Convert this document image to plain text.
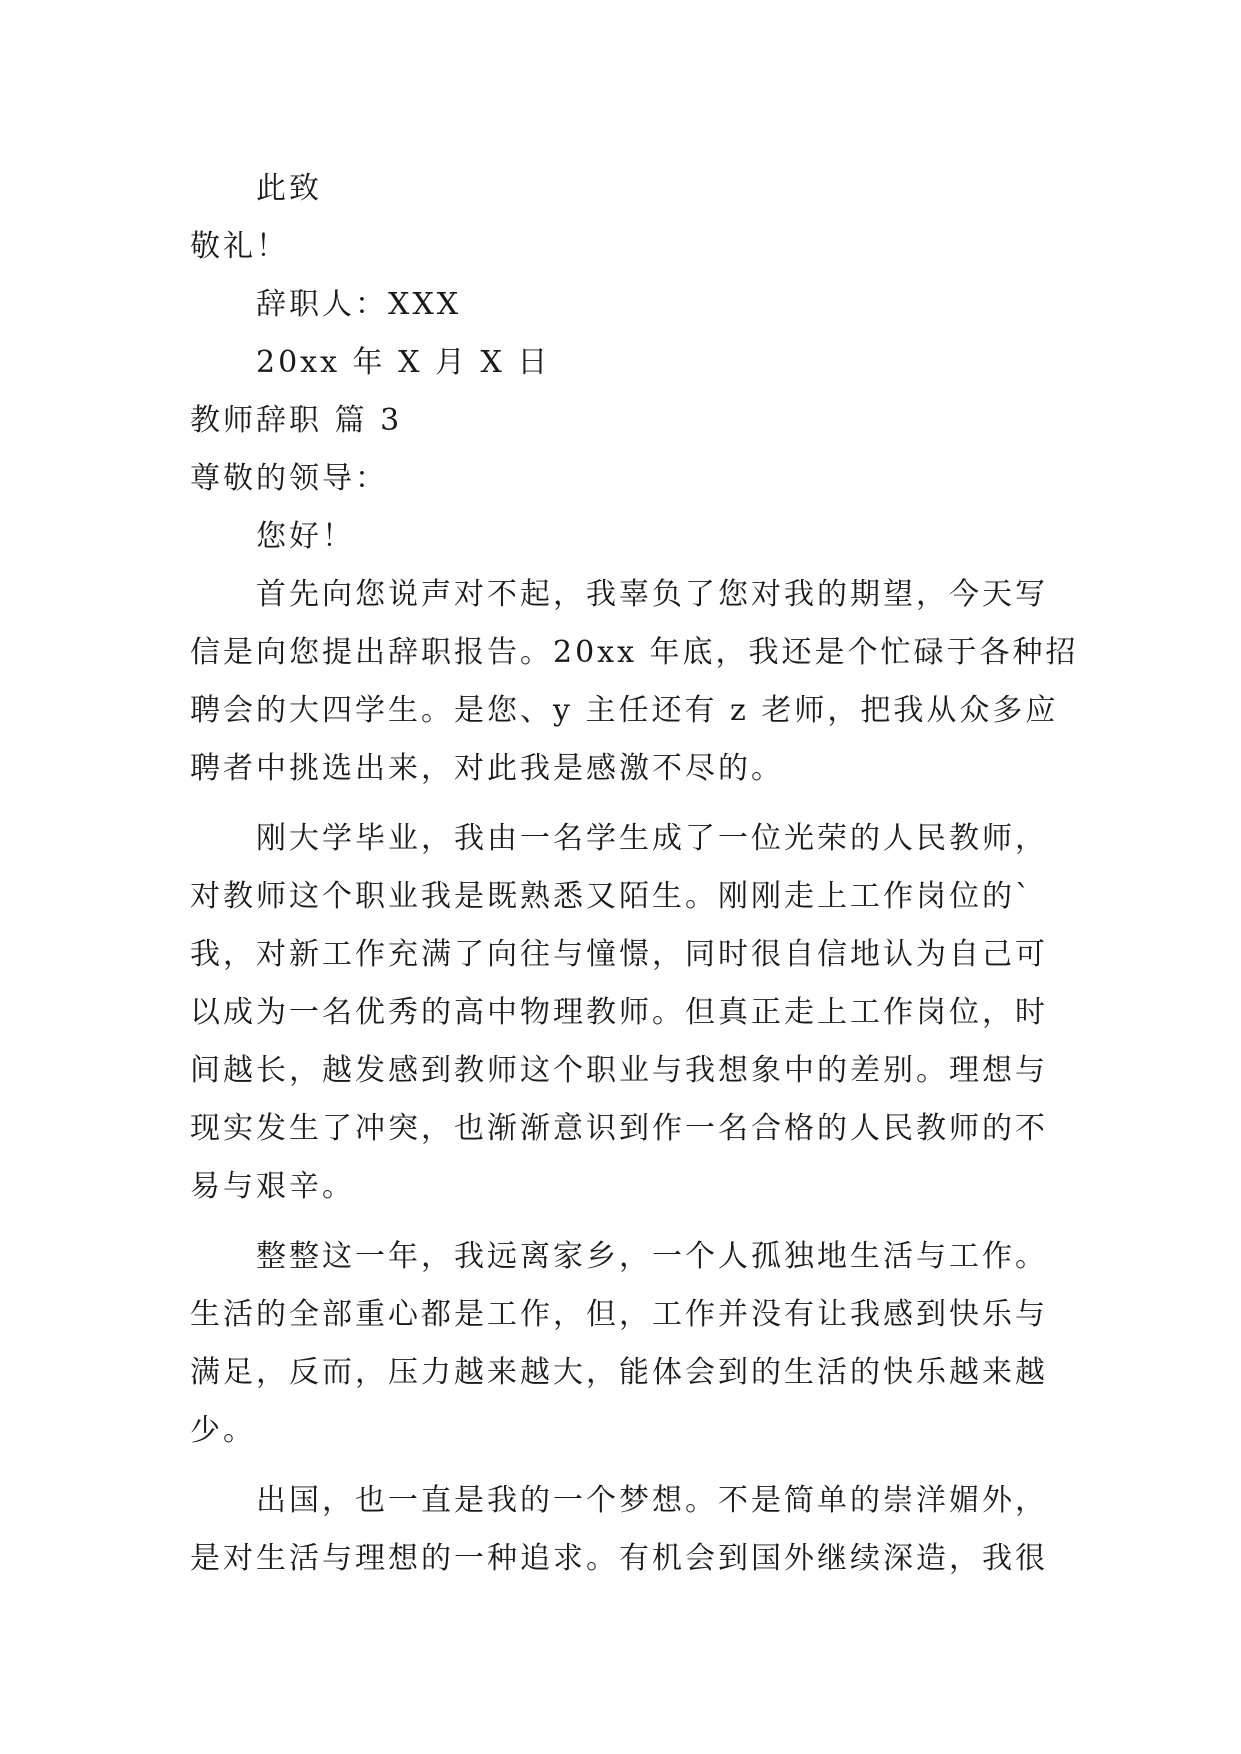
此致
敬礼！
辞职人：XXX
20xx 年 X 月 X 日
教师辞职 篇 3
尊敬的领导：
您好！
首先向您说声对不起，我辜负了您对我的期望，今天写
信是向您提出辞职报告。20xx 年底，我还是个忙碌于各种招
聘会的大四学生。是您、y 主任还有 z 老师，把我从众多应
聘者中挑选出来，对此我是感激不尽的。
刚大学毕业，我由一名学生成了一位光荣的人民教师，
对教师这个职业我是既熟悉又陌生。刚刚走上工作岗位的`
我，对新工作充满了向往与憧憬，同时很自信地认为自己可
以成为一名优秀的高中物理教师。但真正走上工作岗位，时
间越长，越发感到教师这个职业与我想象中的差别。理想与
现实发生了冲突，也渐渐意识到作一名合格的人民教师的不
易与艰辛。
整整这一年，我远离家乡，一个人孤独地生活与工作。
生活的全部重心都是工作，但，工作并没有让我感到快乐与
满足，反而，压力越来越大，能体会到的生活的快乐越来越
少。
出国，也一直是我的一个梦想。不是简单的崇洋媚外，
是对生活与理想的一种追求。有机会到国外继续深造，我很
